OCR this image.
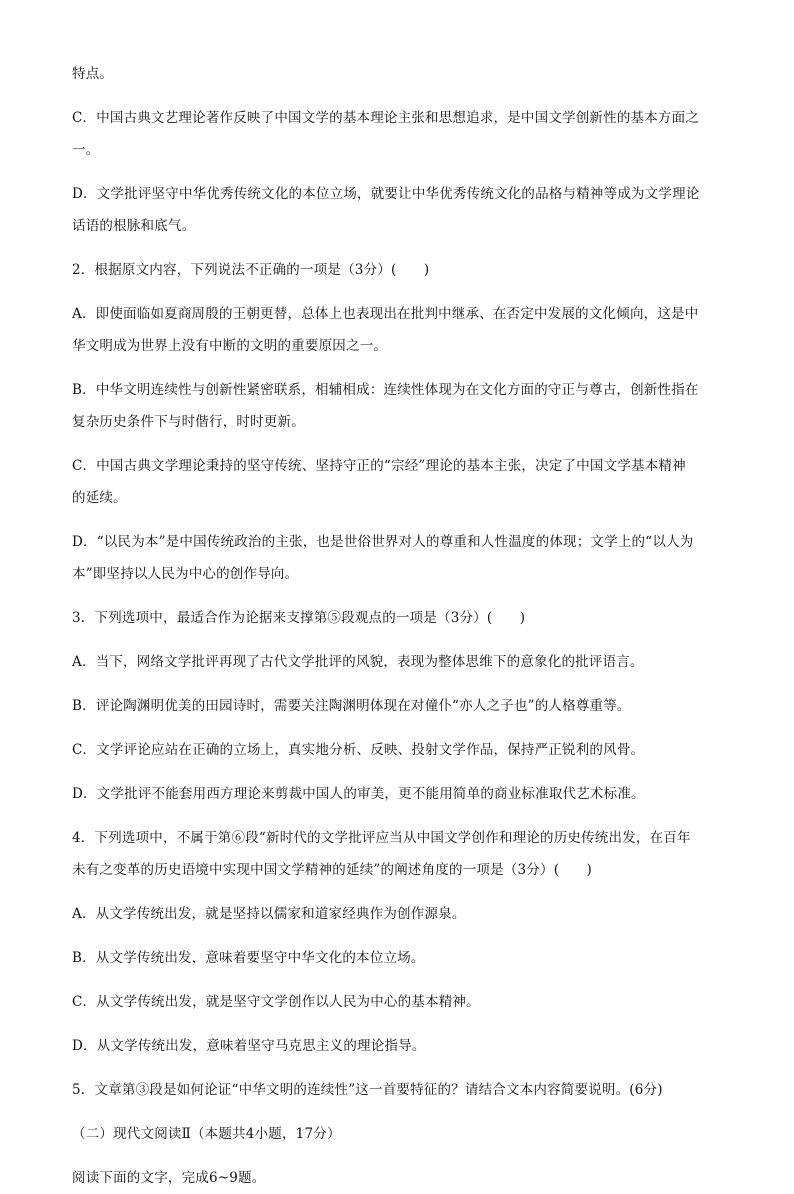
特点。
C．中国古典文艺理论著作反映了中国文学的基本理论主张和思想追求，是中国文学创新性的基本方面之
一。
D．文学批评坚守中华优秀传统文化的本位立场，就要让中华优秀传统文化的品格与精神等成为文学理论
话语的根脉和底气。
2．根据原文内容，下列说法不正确的一项是（3分）(　　)
A．即使面临如夏商周殷的王朝更替，总体上也表现出在批判中继承、在否定中发展的文化倾向，这是中
华文明成为世界上没有中断的文明的重要原因之一。
B．中华文明连续性与创新性紧密联系，相辅相成：连续性体现为在文化方面的守正与尊古，创新性指在
复杂历史条件下与时偕行，时时更新。
C．中国古典文学理论秉持的坚守传统、坚持守正的“宗经”理论的基本主张，决定了中国文学基本精神
的延续。
D．“以民为本”是中国传统政治的主张，也是世俗世界对人的尊重和人性温度的体现；文学上的“以人为
本”即坚持以人民为中心的创作导向。
3．下列选项中，最适合作为论据来支撑第⑤段观点的一项是（3分）(　　)
A．当下，网络文学批评再现了古代文学批评的风貌，表现为整体思维下的意象化的批评语言。
B．评论陶渊明优美的田园诗时，需要关注陶渊明体现在对僮仆“亦人之子也”的人格尊重等。
C．文学评论应站在正确的立场上，真实地分析、反映、投射文学作品，保持严正锐利的风骨。
D．文学批评不能套用西方理论来剪裁中国人的审美，更不能用简单的商业标准取代艺术标准。
4．下列选项中，不属于第⑥段“新时代的文学批评应当从中国文学创作和理论的历史传统出发，在百年
未有之变革的历史语境中实现中国文学精神的延续”的阐述角度的一项是（3分）(　　)
A．从文学传统出发，就是坚持以儒家和道家经典作为创作源泉。
B．从文学传统出发，意味着要坚守中华文化的本位立场。
C．从文学传统出发，就是坚守文学创作以人民为中心的基本精神。
D．从文学传统出发，意味着坚守马克思主义的理论指导。
5．文章第③段是如何论证“中华文明的连续性”这一首要特征的？请结合文本内容简要说明。(6分)
（二）现代文阅读Ⅱ（本题共4小题，17分）
阅读下面的文字，完成6~9题。
